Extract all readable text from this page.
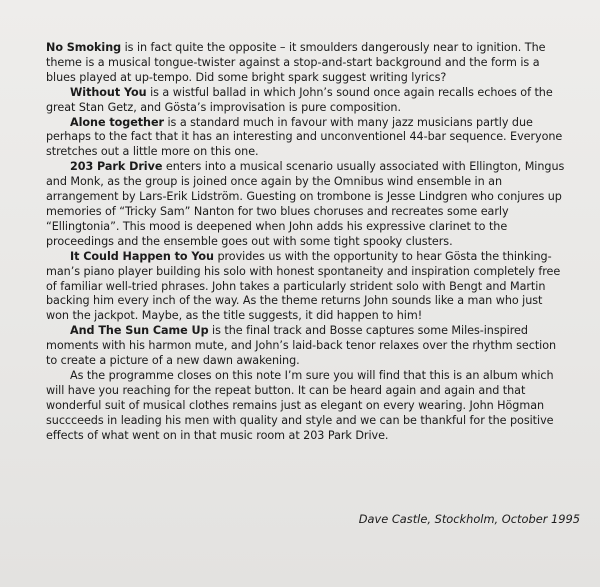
No Smoking is in fact quite the opposite – it smoulders dangerously near to ignition. The theme is a musical tongue-twister against a stop-and-start background and the form is a blues played at up-tempo. Did some bright spark suggest writing lyrics?

Without You is a wistful ballad in which John’s sound once again recalls echoes of the great Stan Getz, and Gösta’s improvisation is pure composition.

Alone together is a standard much in favour with many jazz musicians partly due perhaps to the fact that it has an interesting and unconventionel 44-bar sequence. Everyone stretches out a little more on this one.

203 Park Drive enters into a musical scenario usually associated with Ellington, Mingus and Monk, as the group is joined once again by the Omnibus wind ensemble in an arrangement by Lars-Erik Lidström. Guesting on trombone is Jesse Lindgren who conjures up memories of “Tricky Sam” Nanton for two blues choruses and recreates some early “Ellingtonia”. This mood is deepened when John adds his expressive clarinet to the proceedings and the ensemble goes out with some tight spooky clusters.

It Could Happen to You provides us with the opportunity to hear Gösta the thinking-man’s piano player building his solo with honest spontaneity and inspiration completely free of familiar well-tried phrases. John takes a particularly strident solo with Bengt and Martin backing him every inch of the way. As the theme returns John sounds like a man who just won the jackpot. Maybe, as the title suggests, it did happen to him!

And The Sun Came Up is the final track and Bosse captures some Miles-inspired moments with his harmon mute, and John’s laid-back tenor relaxes over the rhythm section to create a picture of a new dawn awakening.

As the programme closes on this note I’m sure you will find that this is an album which will have you reaching for the repeat button. It can be heard again and again and that wonderful suit of musical clothes remains just as elegant on every wearing. John Högman succceeds in leading his men with quality and style and we can be thankful for the positive effects of what went on in that music room at 203 Park Drive.

Dave Castle, Stockholm, October 1995
